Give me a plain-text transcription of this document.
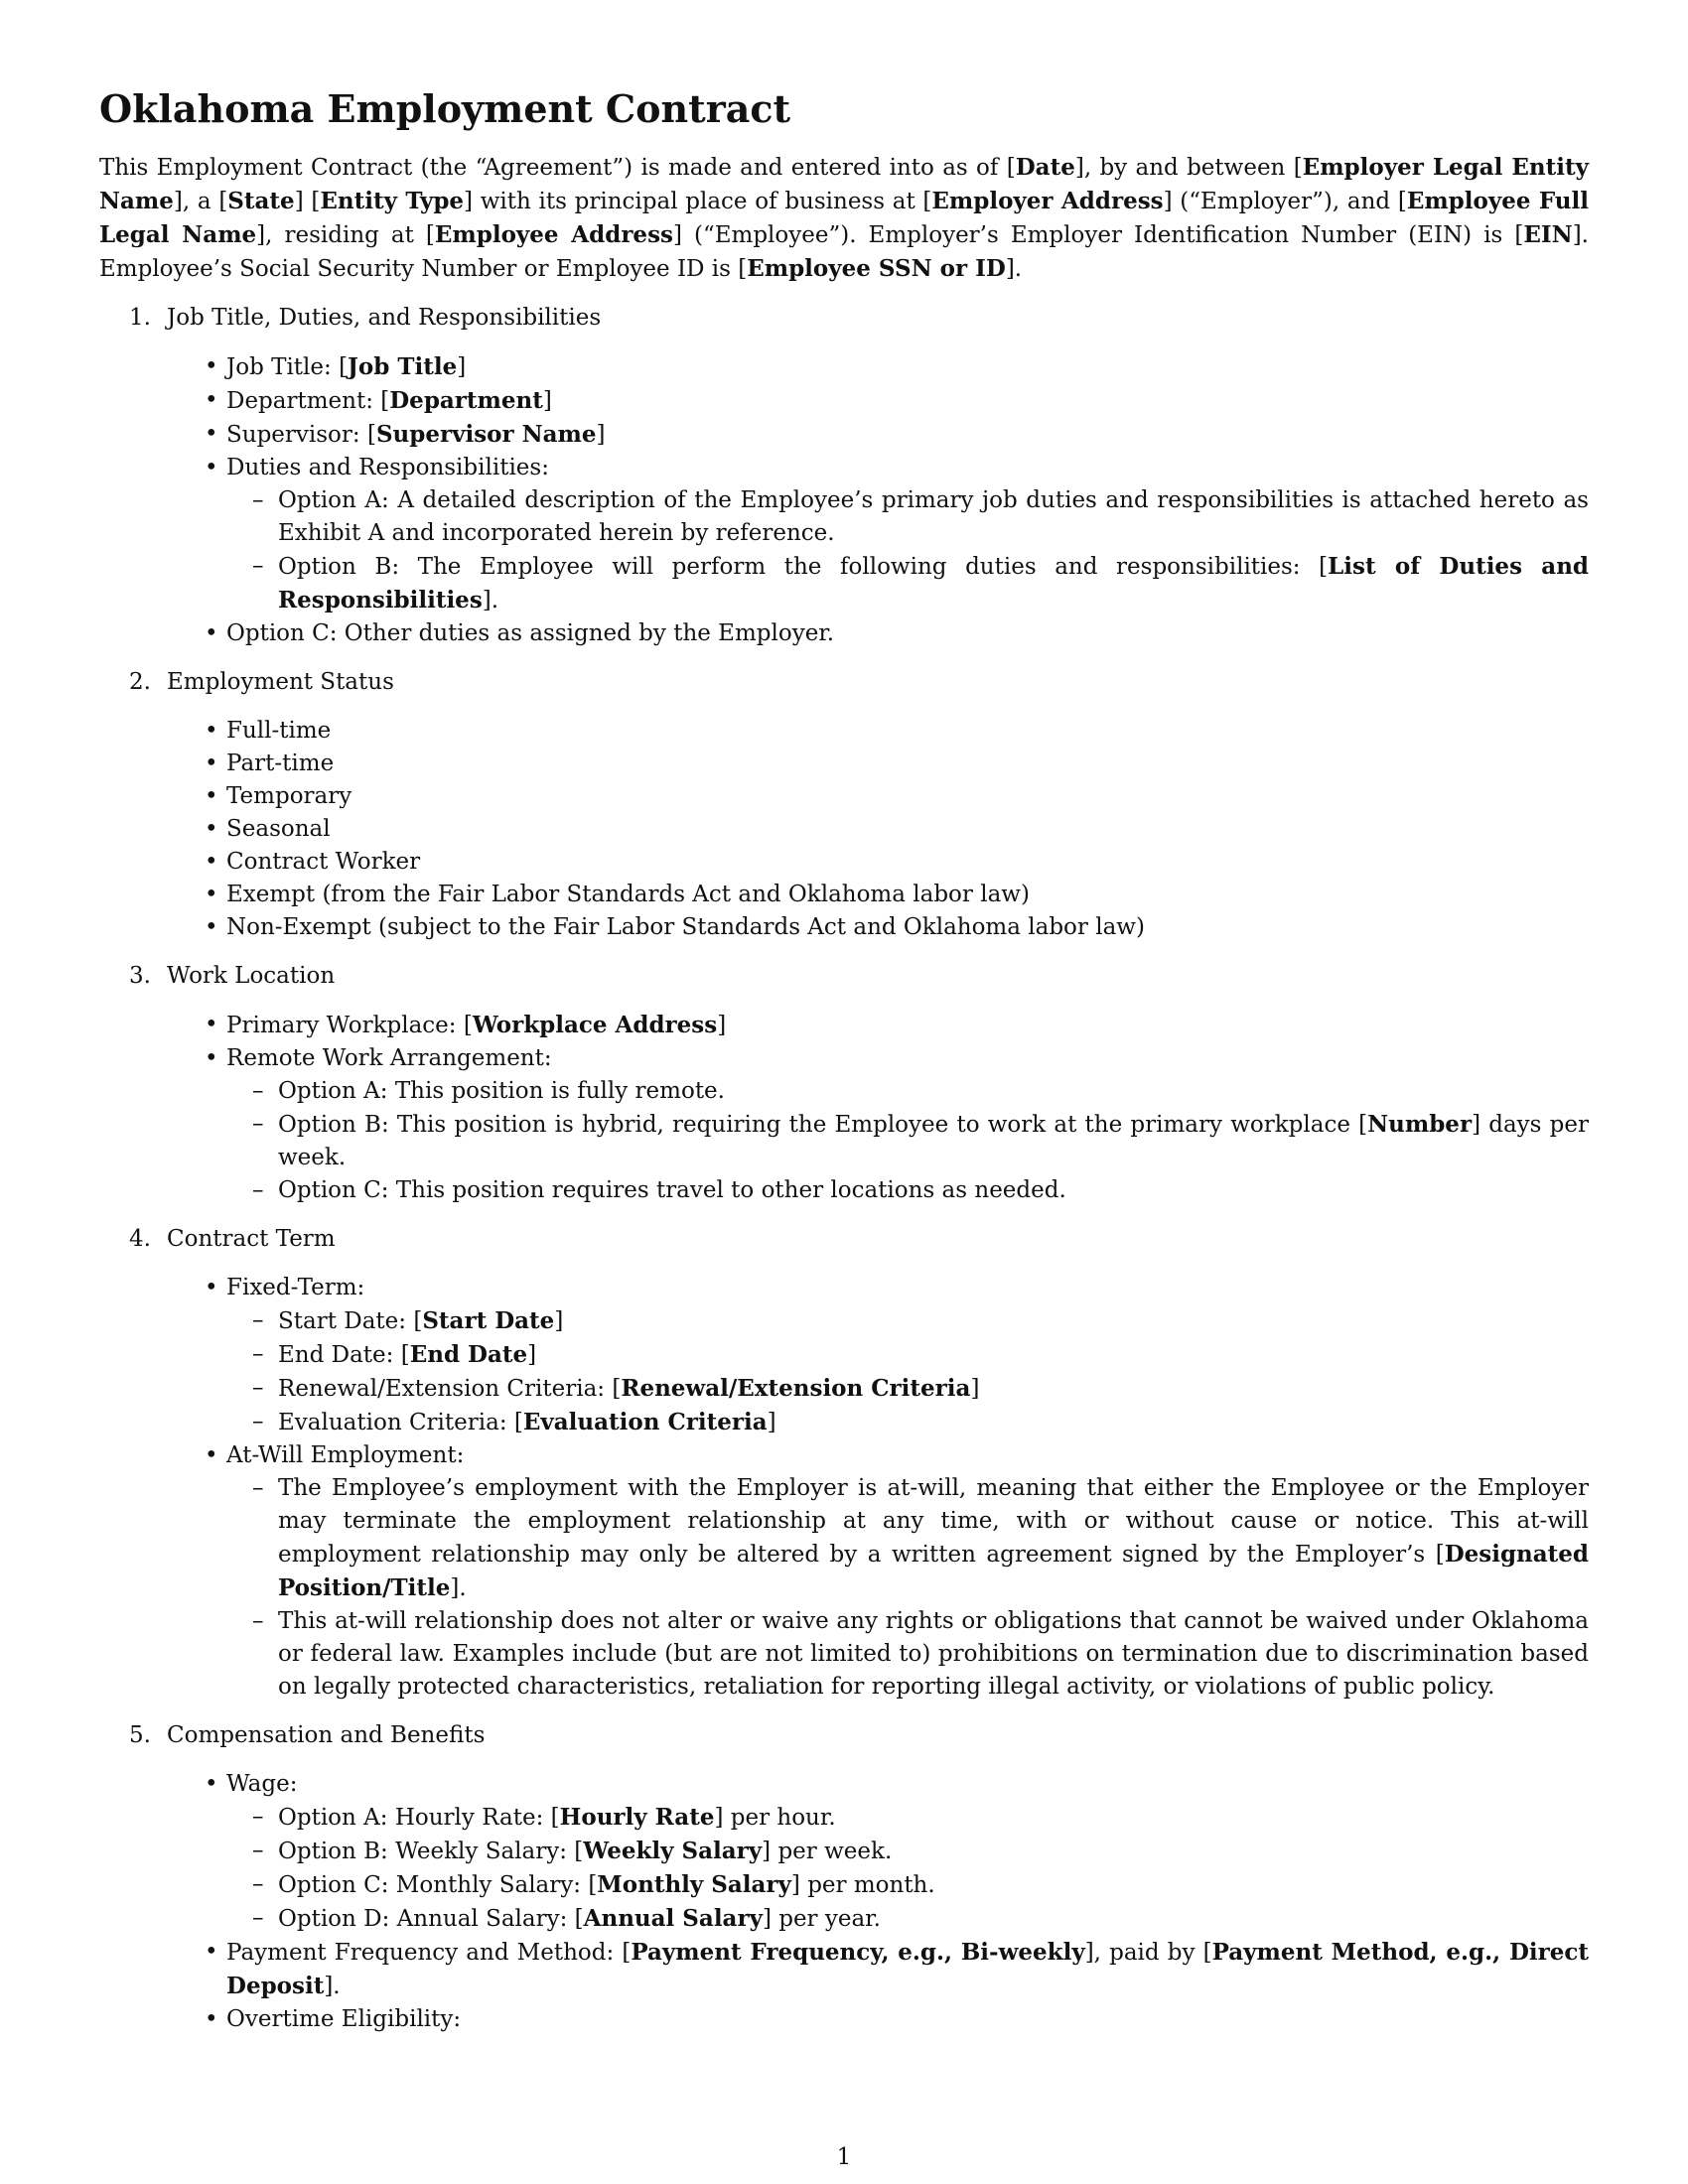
Oklahoma Employment Contract

This Employment Contract (the “Agreement”) is made and entered into as of [Date], by and between [Employer Legal Entity Name], a [State] [Entity Type] with its principal place of business at [Employer Address] (“Employer”), and [Employee Full Legal Name], residing at [Employee Address] (“Employee”). Employer’s Employer Identification Number (EIN) is [EIN]. Employee’s Social Security Number or Employee ID is [Employee SSN or ID].

1. Job Title, Duties, and Responsibilities
• Job Title: [Job Title]
• Department: [Department]
• Supervisor: [Supervisor Name]
• Duties and Responsibilities:
– Option A: A detailed description of the Employee’s primary job duties and responsibilities is attached hereto as Exhibit A and incorporated herein by reference.
– Option B: The Employee will perform the following duties and responsibilities: [List of Duties and Responsibilities].
• Option C: Other duties as assigned by the Employer.
2. Employment Status
• Full-time
• Part-time
• Temporary
• Seasonal
• Contract Worker
• Exempt (from the Fair Labor Standards Act and Oklahoma labor law)
• Non-Exempt (subject to the Fair Labor Standards Act and Oklahoma labor law)
3. Work Location
• Primary Workplace: [Workplace Address]
• Remote Work Arrangement:
– Option A: This position is fully remote.
– Option B: This position is hybrid, requiring the Employee to work at the primary workplace [Number] days per week.
– Option C: This position requires travel to other locations as needed.
4. Contract Term
• Fixed-Term:
– Start Date: [Start Date]
– End Date: [End Date]
– Renewal/Extension Criteria: [Renewal/Extension Criteria]
– Evaluation Criteria: [Evaluation Criteria]
• At-Will Employment:
– The Employee’s employment with the Employer is at-will, meaning that either the Employee or the Employer may terminate the employment relationship at any time, with or without cause or notice. This at-will employment relationship may only be altered by a written agreement signed by the Employer’s [Designated Position/Title].
– This at-will relationship does not alter or waive any rights or obligations that cannot be waived under Oklahoma or federal law. Examples include (but are not limited to) prohibitions on termination due to discrimination based on legally protected characteristics, retaliation for reporting illegal activity, or violations of public policy.
5. Compensation and Benefits
• Wage:
– Option A: Hourly Rate: [Hourly Rate] per hour.
– Option B: Weekly Salary: [Weekly Salary] per week.
– Option C: Monthly Salary: [Monthly Salary] per month.
– Option D: Annual Salary: [Annual Salary] per year.
• Payment Frequency and Method: [Payment Frequency, e.g., Bi-weekly], paid by [Payment Method, e.g., Direct Deposit].
• Overtime Eligibility:
1
